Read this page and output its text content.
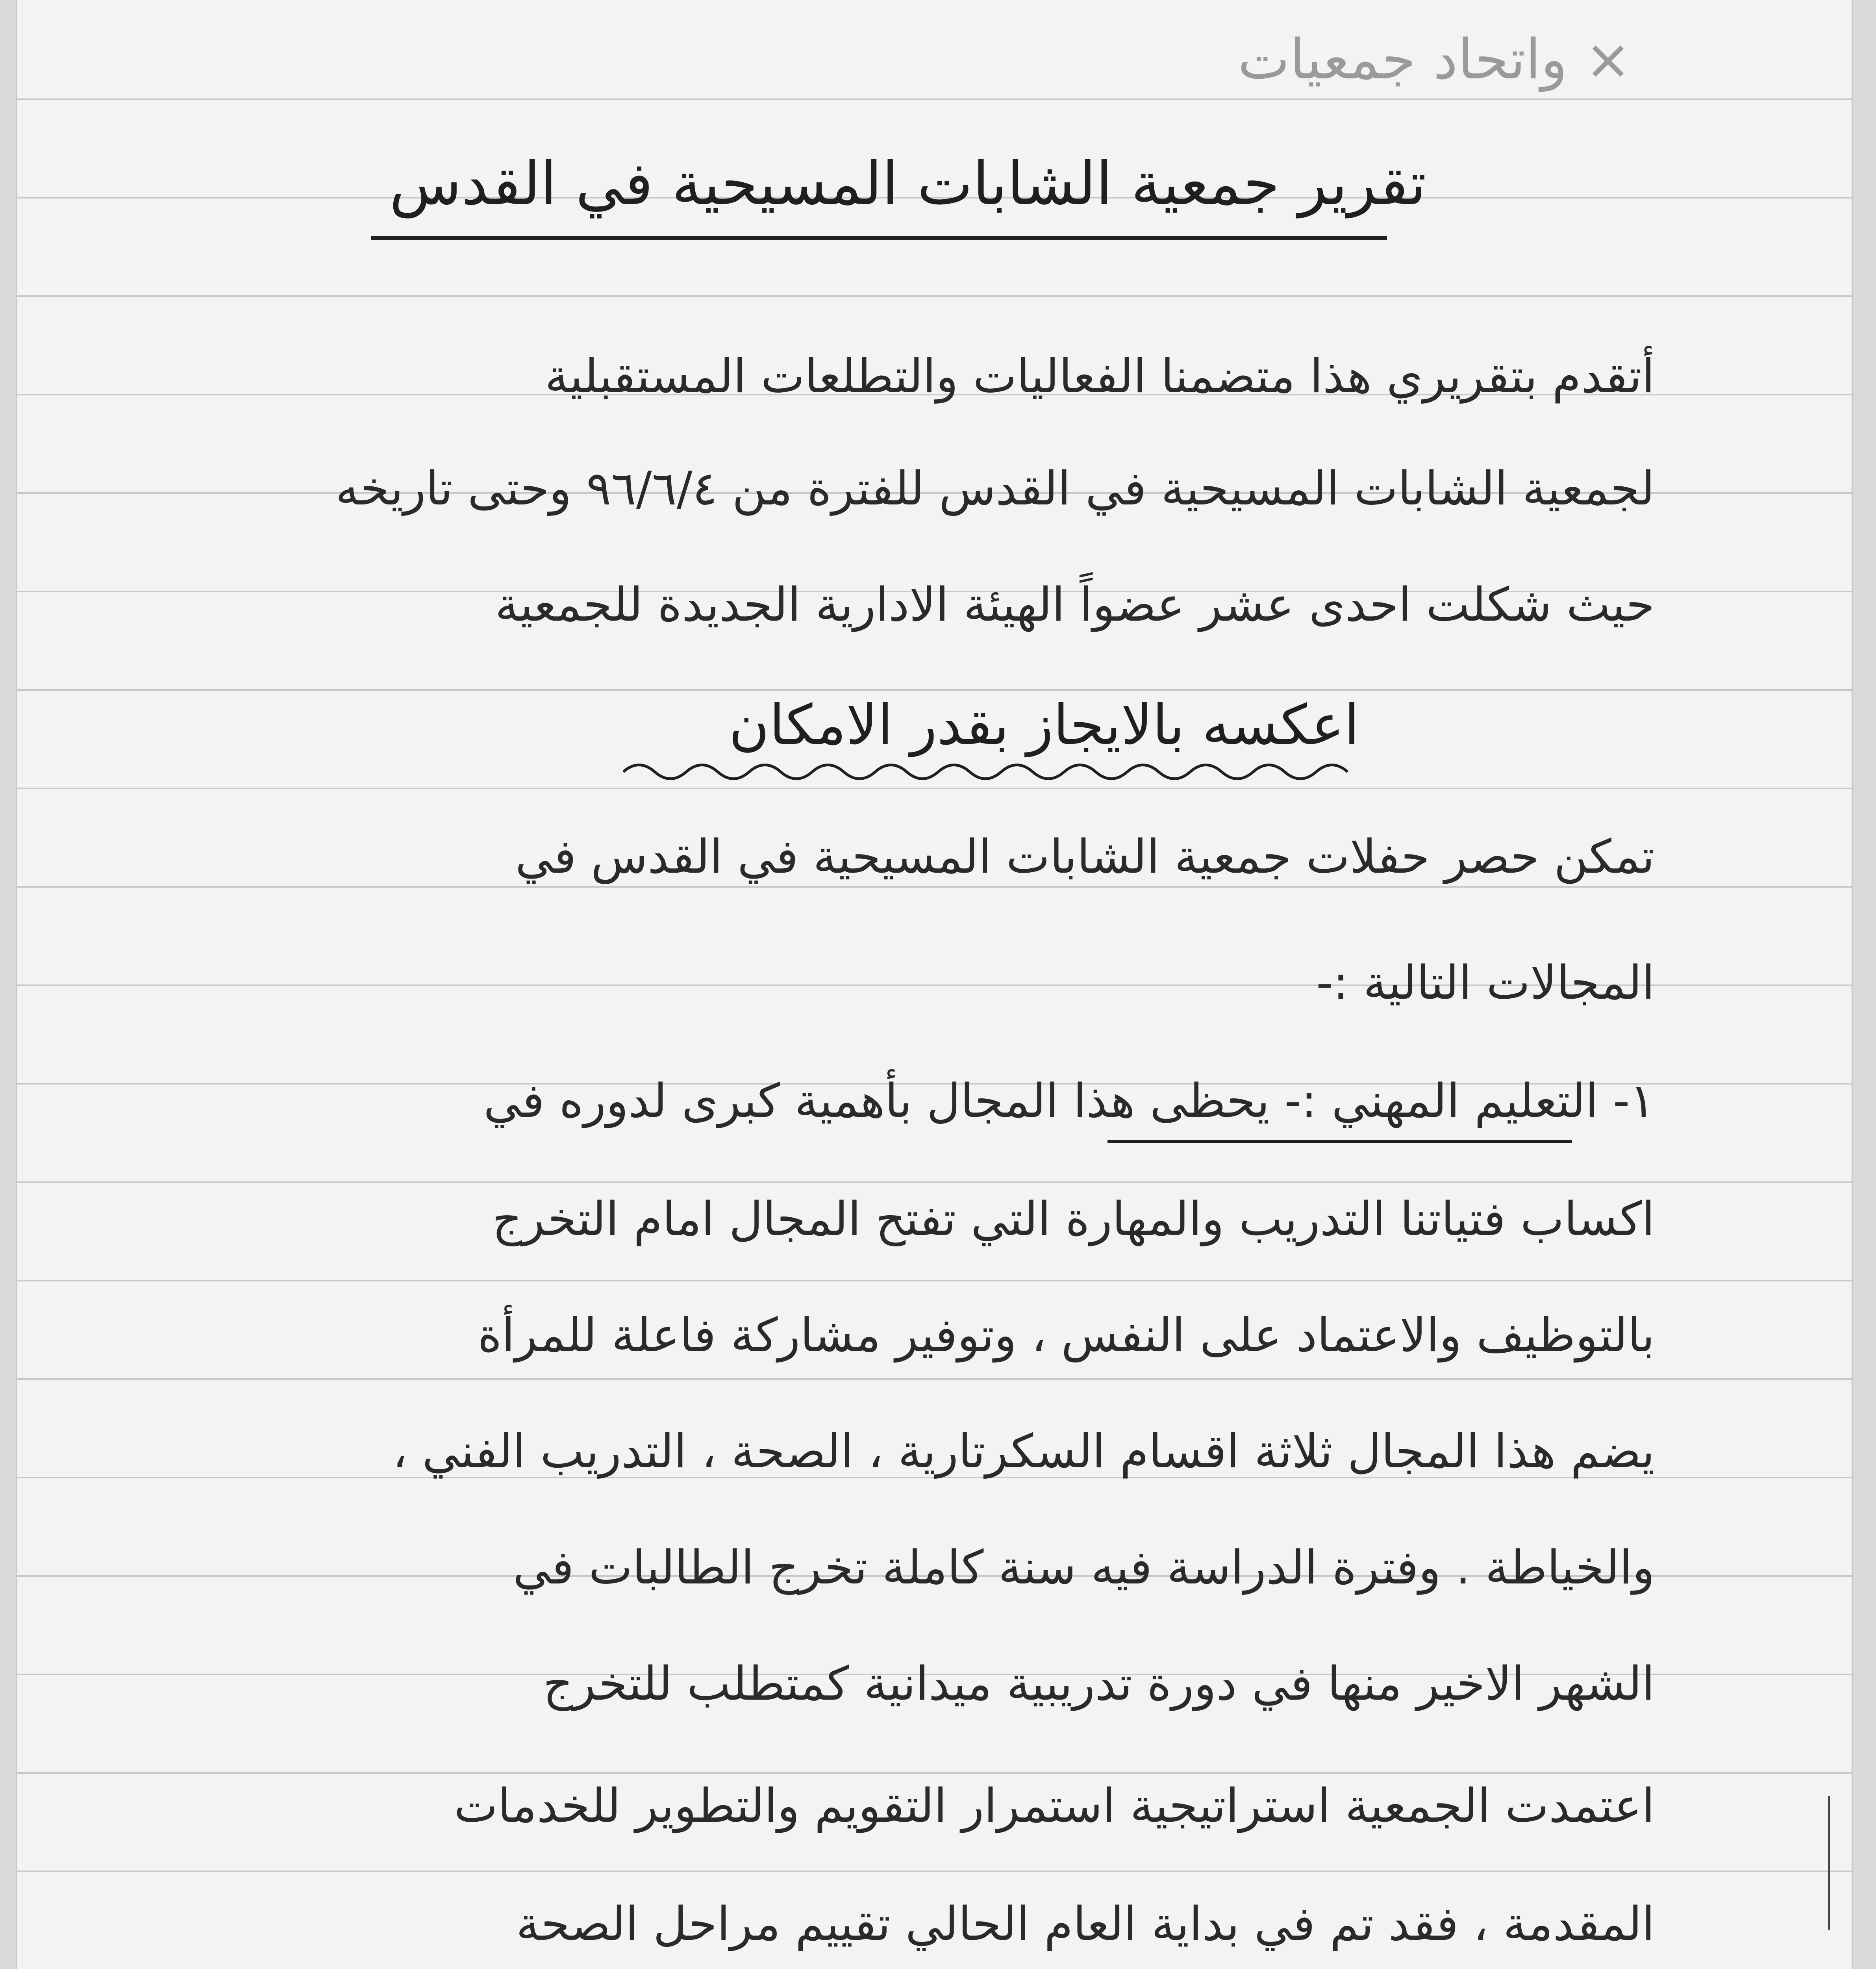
× واتحاد جمعيات
تقرير جمعية الشابات المسيحية في القدس
أتقدم بتقريري هذا متضمنا الفعاليات والتطلعات المستقبلية
لجمعية الشابات المسيحية في القدس للفترة من ٩٦/٦/٤ وحتى تاريخه
حيث شكلت احدى عشر عضواً الهيئة الادارية الجديدة للجمعية
اعكسه بالايجاز بقدر الامكان
تمكن حصر حفلات جمعية الشابات المسيحية في القدس في
المجالات التالية :-
١- التعليم المهني :- يحظى هذا المجال بأهمية كبرى لدوره في
اكساب فتياتنا التدريب والمهارة التي تفتح المجال امام التخرج
بالتوظيف والاعتماد على النفس ، وتوفير مشاركة فاعلة للمرأة
يضم هذا المجال ثلاثة اقسام السكرتارية ، الصحة ، التدريب الفني ،
والخياطة . وفترة الدراسة فيه سنة كاملة تخرج الطالبات في
الشهر الاخير منها في دورة تدريبية ميدانية كمتطلب للتخرج
اعتمدت الجمعية استراتيجية استمرار التقويم والتطوير للخدمات
المقدمة ، فقد تم في بداية العام الحالي تقييم مراحل الصحة
